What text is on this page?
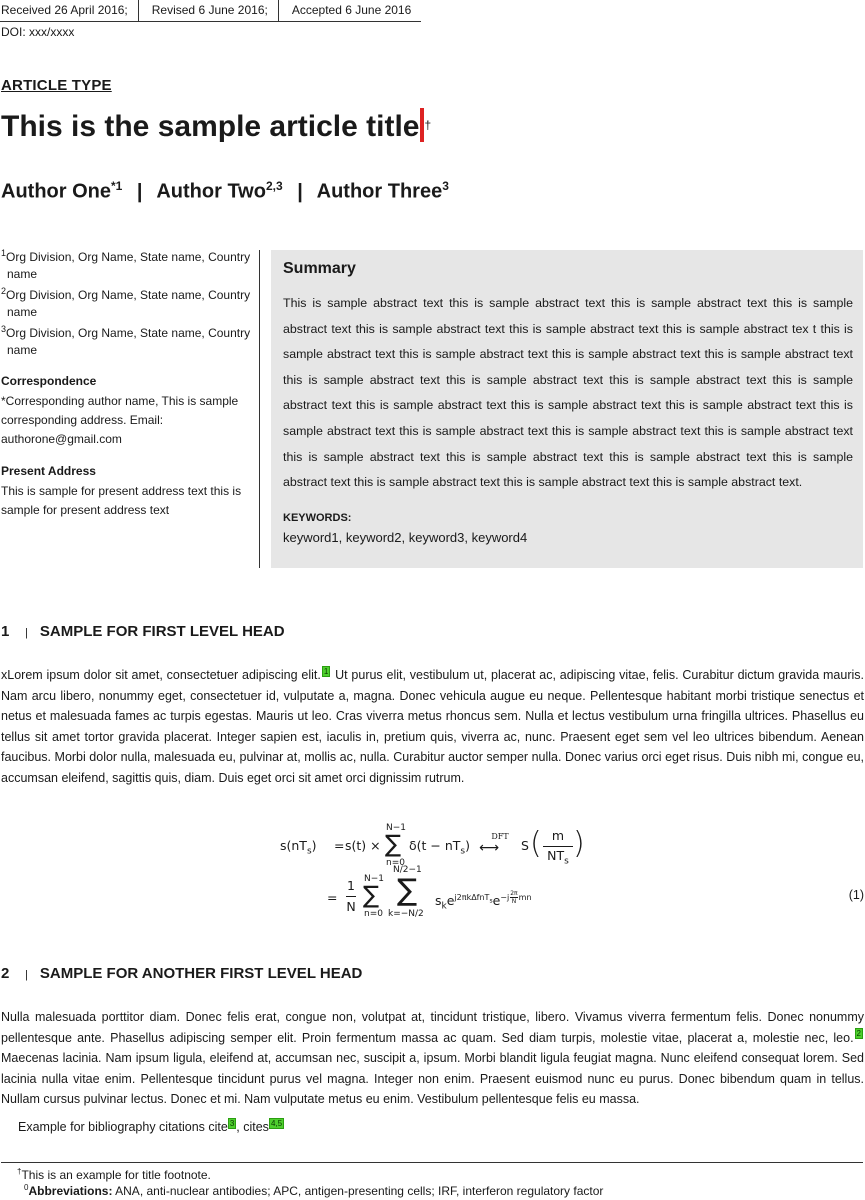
Received 26 April 2016;	Revised 6 June 2016;	Accepted 6 June 2016
DOI: xxx/xxxx
ARTICLE TYPE
This is the sample article title †
Author One$^{*1}$ | Author Two$^{2,3}$ | Author Three$^3$
$^1$Org Division, Org Name, State name, Country name
$^2$Org Division, Org Name, State name, Country name
$^3$Org Division, Org Name, State name, Country name
Correspondence
*Corresponding author name, This is sample corresponding address. Email: authorone@gmail.com
Present Address
This is sample for present address text this is sample for present address text
Summary
This is sample abstract text this is sample abstract text this is sample abstract text this is sample abstract text this is sample abstract text this is sample abstract text this is sample abstract tex t this is sample abstract text this is sample abstract text this is sample abstract text this is sample abstract text this is sample abstract text this is sample abstract text this is sample abstract text this is sample abstract text this is sample abstract text this is sample abstract text this is sample abstract text this is sample abstract text this is sample abstract text this is sample abstract text this is sample abstract text this is sample abstract text this is sample abstract text this is sample abstract text this is sample abstract text this is sample abstract text this is sample abstract text this is sample abstract text.
KEYWORDS:
keyword1, keyword2, keyword3, keyword4
1 | SAMPLE FOR FIRST LEVEL HEAD
xLorem ipsum dolor sit amet, consectetuer adipiscing elit. 1 Ut purus elit, vestibulum ut, placerat ac, adipiscing vitae, felis. Curabitur dictum gravida mauris. Nam arcu libero, nonummy eget, consectetuer id, vulputate a, magna. Donec vehicula augue eu neque. Pellentesque habitant morbi tristique senectus et netus et malesuada fames ac turpis egestas. Mauris ut leo. Cras viverra metus rhoncus sem. Nulla et lectus vestibulum urna fringilla ultrices. Phasellus eu tellus sit amet tortor gravida placerat. Integer sapien est, iaculis in, pretium quis, viverra ac, nunc. Praesent eget sem vel leo ultrices bibendum. Aenean faucibus. Morbi dolor nulla, malesuada eu, pulvinar at, mollis ac, nulla. Curabitur auctor semper nulla. Donec varius orci eget risus. Duis nibh mi, congue eu, accumsan eleifend, sagittis quis, diam. Duis eget orci sit amet orci dignissim rutrum.
$s(nT_s) = s(t)$ ×
N−1
∑
n=0
$\delta(t - nT_s)$
DFT
⟷ S ( m
$NT_s$
)
=
1
N
N−1
∑
n=0
N/2−1
∑
k=−N/2
$s_ke^{j2\pi k\Delta fnT_s}e^{-j \frac{2\pi}{N} mn}$	(1)
2 | SAMPLE FOR ANOTHER FIRST LEVEL HEAD
Nulla malesuada porttitor diam. Donec felis erat, congue non, volutpat at, tincidunt tristique, libero. Vivamus viverra fermentum felis. Donec nonummy pellentesque ante. Phasellus adipiscing semper elit. Proin fermentum massa ac quam. Sed diam turpis, molestie vitae, placerat a, molestie nec, leo. 2 Maecenas lacinia. Nam ipsum ligula, eleifend at, accumsan nec, suscipit a, ipsum. Morbi blandit ligula feugiat magna. Nunc eleifend consequat lorem. Sed lacinia nulla vitae enim. Pellentesque tincidunt purus vel magna. Integer non enim. Praesent euismod nunc eu purus. Donec bibendum quam in tellus. Nullam cursus pulvinar lectus. Donec et mi. Nam vulputate metus eu enim. Vestibulum pellentesque felis eu massa.
Example for bibliography citations cite 3 , cites 4,5
†This is an example for title footnote.
$^0$Abbreviations: ANA, anti-nuclear antibodies; APC, antigen-presenting cells; IRF, interferon regulatory factor
